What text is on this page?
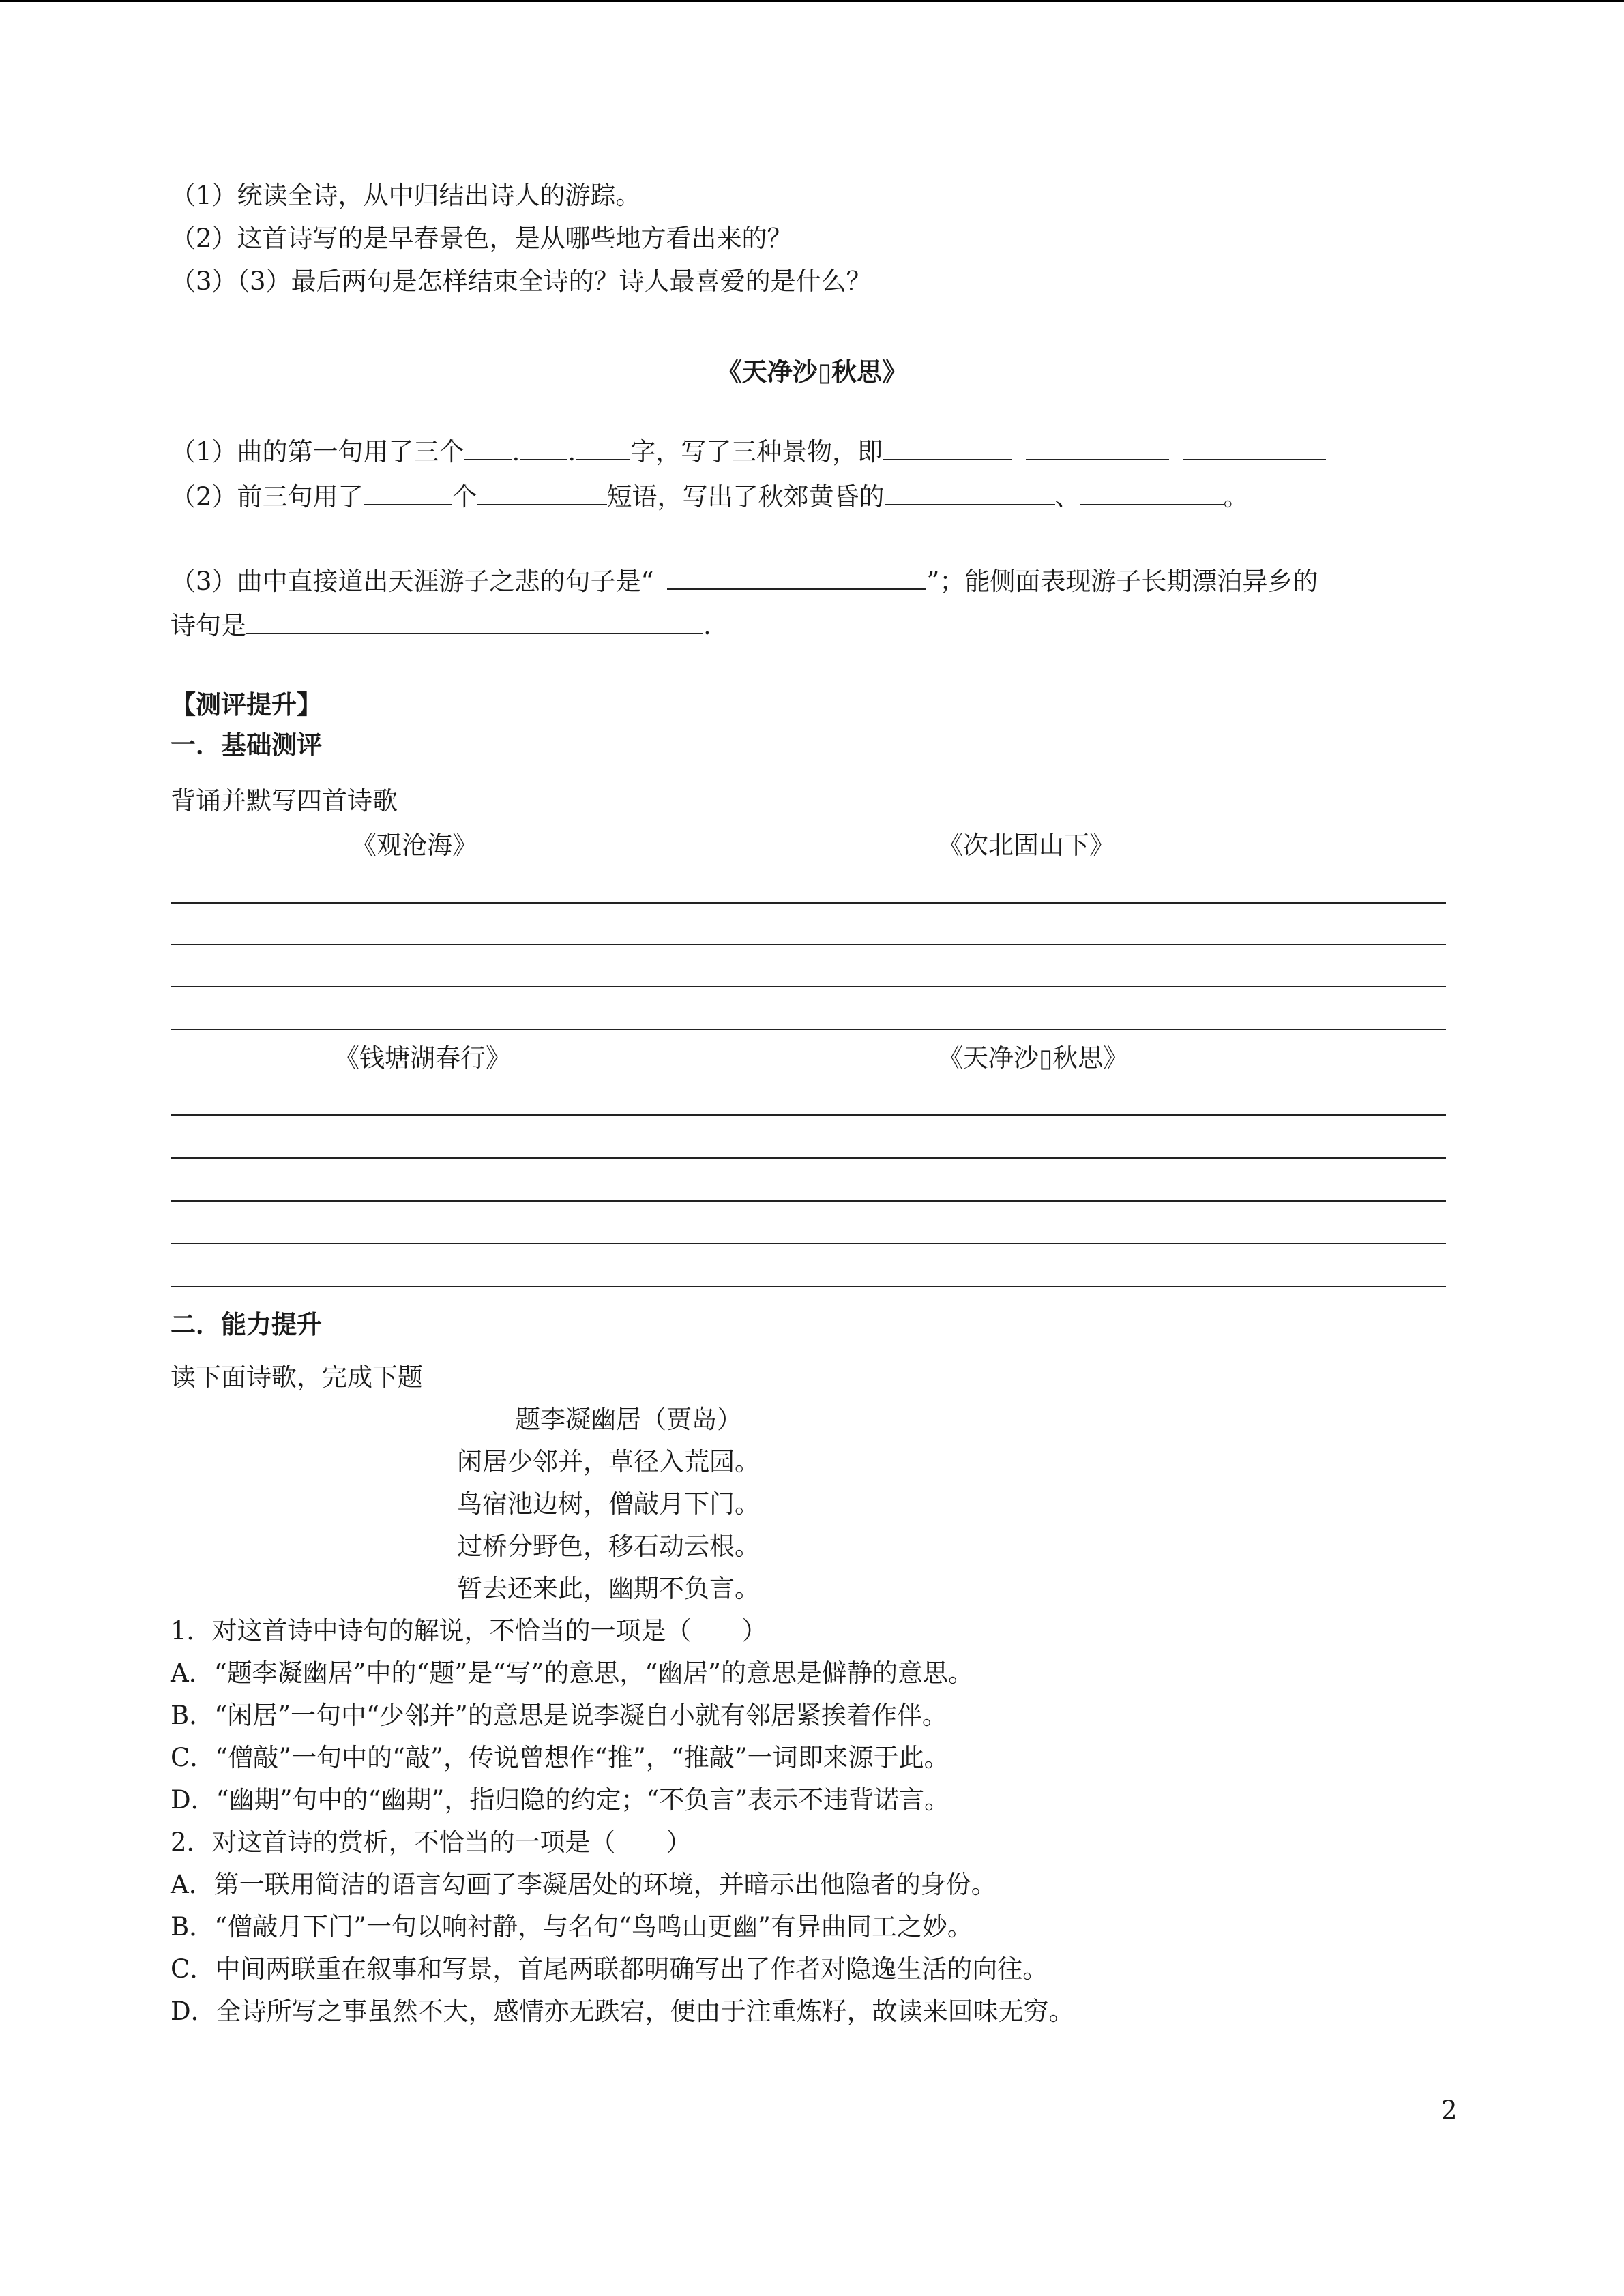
（1）统读全诗，从中归结出诗人的游踪。

（2）这首诗写的是早春景色，是从哪些地方看出来的？

（3）（3）最后两句是怎样结束全诗的？诗人最喜爱的是什么？

《天净沙▯秋思》

（1）曲的第一句用了三个 . . 字，写了三种景物，即

（2）前三句用了	个	短语，写出了秋郊黄昏的	、	。

（3）曲中直接道出天涯游子之悲的句子是“	”；能侧面表现游子长期漂泊异乡的

诗句是	.

【测评提升】

一．基础测评

背诵并默写四首诗歌

《观沧海》	《次北固山下》

《钱塘湖春行》	《天净沙▯秋思》

二．能力提升

读下面诗歌，完成下题

题李凝幽居（贾岛）

闲居少邻并，草径入荒园。

鸟宿池边树，僧敲月下门。

过桥分野色，移石动云根。

暂去还来此，幽期不负言。

1．对这首诗中诗句的解说，不恰当的一项是（　　）

A．“题李凝幽居”中的“题”是“写”的意思，“幽居”的意思是僻静的意思。

B．“闲居”一句中“少邻并”的意思是说李凝自小就有邻居紧挨着作伴。

C．“僧敲”一句中的“敲”，传说曾想作“推”，“推敲”一词即来源于此。

D．“幽期”句中的“幽期”，指归隐的约定；“不负言”表示不违背诺言。

2．对这首诗的赏析，不恰当的一项是（　　）

A．第一联用简洁的语言勾画了李凝居处的环境，并暗示出他隐者的身份。

B．“僧敲月下门”一句以响衬静，与名句“鸟鸣山更幽”有异曲同工之妙。

C．中间两联重在叙事和写景，首尾两联都明确写出了作者对隐逸生活的向往。

D．全诗所写之事虽然不大，感情亦无跌宕，便由于注重炼籽，故读来回味无穷。

2
